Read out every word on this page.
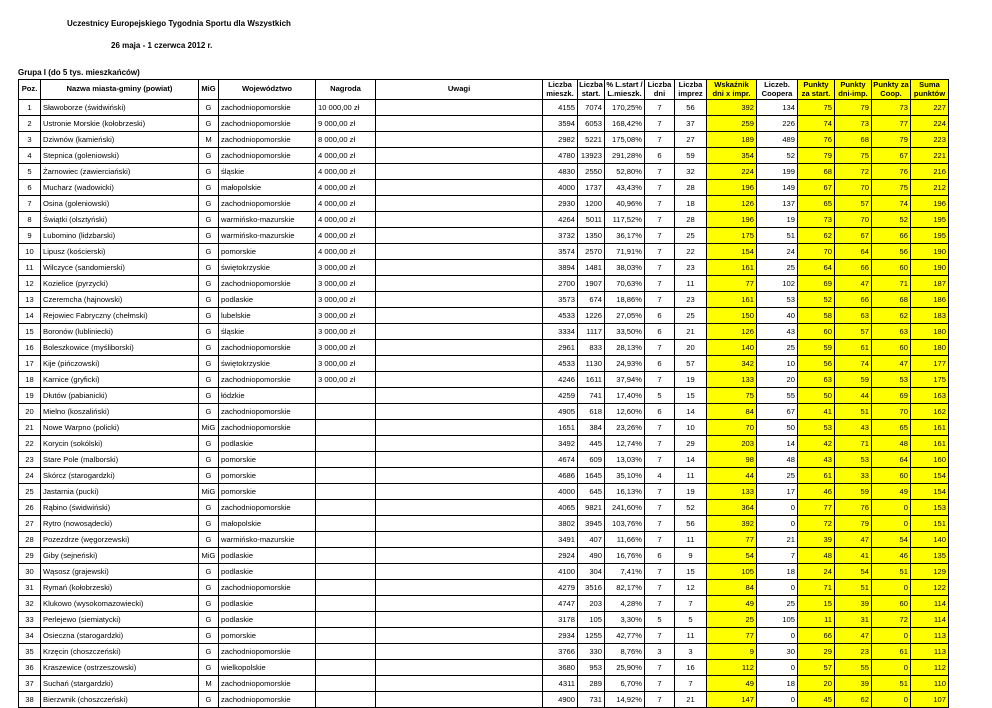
Uczestnicy Europejskiego Tygodnia Sportu dla Wszystkich
26 maja - 1 czerwca 2012 r.
Grupa I (do 5 tys. mieszkańców)
Poz.	Nazwa miasta-gminy (powiat)	MiG	Województwo	Nagroda	Uwagi	Liczba mieszk.	Liczba start.	% L.start / L.mieszk.	Liczba dni	Liczba imprez	Wskaźnik dni x impr.	Liczeb. Coopera	Punkty za start.	Punkty dni-imp.	Punkty za Coop.	Suma punktów
1	Sławoborze (świdwiński)	G	zachodniopomorskie	10 000,00 zł		4155	7074	170,25%	7	56	392	134	75	79	73	227
2	Ustronie Morskie (kołobrzeski)	G	zachodniopomorskie	9 000,00 zł		3594	6053	168,42%	7	37	259	226	74	73	77	224
3	Dziwnów (kamieński)	M	zachodniopomorskie	8 000,00 zł		2982	5221	175,08%	7	27	189	489	76	68	79	223
4	Stepnica (goleniowski)	G	zachodniopomorskie	4 000,00 zł		4780	13923	291,28%	6	59	354	52	79	75	67	221
5	Żarnowiec (zawierciański)	G	śląskie	4 000,00 zł		4830	2550	52,80%	7	32	224	199	68	72	76	216
6	Mucharz (wadowicki)	G	małopolskie	4 000,00 zł		4000	1737	43,43%	7	28	196	149	67	70	75	212
7	Osina (goleniowski)	G	zachodniopomorskie	4 000,00 zł		2930	1200	40,96%	7	18	126	137	65	57	74	196
8	Świątki (olsztyński)	G	warmińsko-mazurskie	4 000,00 zł		4264	5011	117,52%	7	28	196	19	73	70	52	195
9	Lubomino (lidzbarski)	G	warmińsko-mazurskie	4 000,00 zł		3732	1350	36,17%	7	25	175	51	62	67	66	195
10	Lipusz (kościerski)	G	pomorskie	4 000,00 zł		3574	2570	71,91%	7	22	154	24	70	64	56	190
11	Wilczyce (sandomierski)	G	świętokrzyskie	3 000,00 zł		3894	1481	38,03%	7	23	161	25	64	66	60	190
12	Kozielice (pyrzycki)	G	zachodniopomorskie	3 000,00 zł		2700	1907	70,63%	7	11	77	102	69	47	71	187
13	Czeremcha (hajnowski)	G	podlaskie	3 000,00 zł		3573	674	18,86%	7	23	161	53	52	66	68	186
14	Rejowiec Fabryczny (chełmski)	G	lubelskie	3 000,00 zł		4533	1226	27,05%	6	25	150	40	58	63	62	183
15	Boronów (lubliniecki)	G	śląskie	3 000,00 zł		3334	1117	33,50%	6	21	126	43	60	57	63	180
16	Boleszkowice (myśliborski)	G	zachodniopomorskie	3 000,00 zł		2961	833	28,13%	7	20	140	25	59	61	60	180
17	Kije (pińczowski)	G	świętokrzyskie	3 000,00 zł		4533	1130	24,93%	6	57	342	10	56	74	47	177
18	Karnice (gryficki)	G	zachodniopomorskie	3 000,00 zł		4246	1611	37,94%	7	19	133	20	63	59	53	175
19	Dłutów (pabianicki)	G	łódzkie			4259	741	17,40%	5	15	75	55	50	44	69	163
20	Mielno (koszaliński)	G	zachodniopomorskie			4905	618	12,60%	6	14	84	67	41	51	70	162
21	Nowe Warpno (policki)	MiG	zachodniopomorskie			1651	384	23,26%	7	10	70	50	53	43	65	161
22	Korycin (sokólski)	G	podlaskie			3492	445	12,74%	7	29	203	14	42	71	48	161
23	Stare Pole (malborski)	G	pomorskie			4674	609	13,03%	7	14	98	48	43	53	64	160
24	Skórcz (starogardzki)	G	pomorskie			4686	1645	35,10%	4	11	44	25	61	33	60	154
25	Jastarnia (pucki)	MiG	pomorskie			4000	645	16,13%	7	19	133	17	46	59	49	154
26	Rąbino (świdwiński)	G	zachodniopomorskie			4065	9821	241,60%	7	52	364	0	77	76	0	153
27	Rytro (nowosądecki)	G	małopolskie			3802	3945	103,76%	7	56	392	0	72	79	0	151
28	Pozezdrze (węgorzewski)	G	warmińsko-mazurskie			3491	407	11,66%	7	11	77	21	39	47	54	140
29	Giby (sejneński)	MiG	podlaskie			2924	490	16,76%	6	9	54	7	48	41	46	135
30	Wąsosz (grajewski)	G	podlaskie			4100	304	7,41%	7	15	105	18	24	54	51	129
31	Rymań (kołobrzeski)	G	zachodniopomorskie			4279	3516	82,17%	7	12	84	0	71	51	0	122
32	Klukowo (wysokomazowiecki)	G	podlaskie			4747	203	4,28%	7	7	49	25	15	39	60	114
33	Perlejewo (siemiatycki)	G	podlaskie			3178	105	3,30%	5	5	25	105	11	31	72	114
34	Osieczna (starogardzki)	G	pomorskie			2934	1255	42,77%	7	11	77	0	66	47	0	113
35	Krzęcin (choszczeński)	G	zachodniopomorskie			3766	330	8,76%	3	3	9	30	29	23	61	113
36	Kraszewice (ostrzeszowski)	G	wielkopolskie			3680	953	25,90%	7	16	112	0	57	55	0	112
37	Suchań (stargardzki)	M	zachodniopomorskie			4311	289	6,70%	7	7	49	18	20	39	51	110
38	Bierzwnik (choszczeński)	G	zachodniopomorskie			4900	731	14,92%	7	21	147	0	45	62	0	107
